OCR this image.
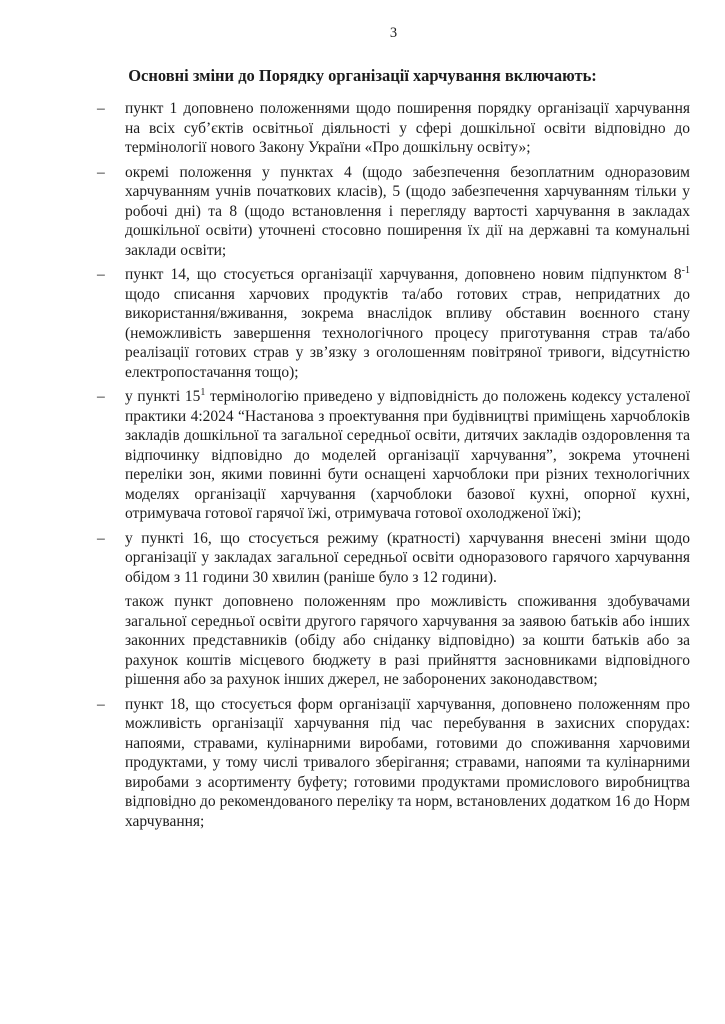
3
Основні зміни до Порядку організації харчування включають:
–	пункт 1 доповнено положеннями щодо поширення порядку організації харчування на всіх суб’єктів освітньої діяльності у сфері дошкільної освіти відповідно до термінології нового Закону України «Про дошкільну освіту»;
–	окремі положення у пунктах 4 (щодо забезпечення безоплатним одноразовим харчуванням учнів початкових класів), 5 (щодо забезпечення харчуванням тільки у робочі дні) та 8 (щодо встановлення і перегляду вартості харчування в закладах дошкільної освіти) уточнені стосовно поширення їх дії на державні та комунальні заклади освіти;
–	пункт 14, що стосується організації харчування, доповнено новим підпунктом $8^{-1}$ щодо списання харчових продуктів та/або готових страв, непридатних до використання/вживання, зокрема внаслідок впливу обставин воєнного стану (неможливість завершення технологічного процесу приготування страв та/або реалізації готових страв у зв’язку з оголошенням повітряної тривоги, відсутністю електропостачання тощо);
–	у пункті $15^1$ термінологію приведено у відповідність до положень кодексу усталеної практики 4:2024 “Настанова з проектування при будівництві приміщень харчоблоків закладів дошкільної та загальної середньої освіти, дитячих закладів оздоровлення та відпочинку відповідно до моделей організації харчування”, зокрема уточнені переліки зон, якими повинні бути оснащені харчоблоки при різних технологічних моделях організації харчування (харчоблоки базової кухні, опорної кухні, отримувача готової гарячої їжі, отримувача готової охолодженої їжі);
–	у пункті 16, що стосується режиму (кратності) харчування внесені зміни щодо організації у закладах загальної середньої освіти одноразового гарячого харчування обідом з 11 години 30 хвилин (раніше було з 12 години).
також пункт доповнено положенням про можливість споживання здобувачами загальної середньої освіти другого гарячого харчування за заявою батьків або інших законних представників (обіду або сніданку відповідно) за кошти батьків або за рахунок коштів місцевого бюджету в разі прийняття засновниками відповідного рішення або за рахунок інших джерел, не заборонених законодавством;
–	пункт 18, що стосується форм організації харчування, доповнено положенням про можливість організації харчування під час перебування в захисних спорудах: напоями, стравами, кулінарними виробами, готовими до споживання харчовими продуктами, у тому числі тривалого зберігання; стравами, напоями та кулінарними виробами з асортименту буфету; готовими продуктами промислового виробництва відповідно до рекомендованого переліку та норм, встановлених додатком 16 до Норм харчування;
